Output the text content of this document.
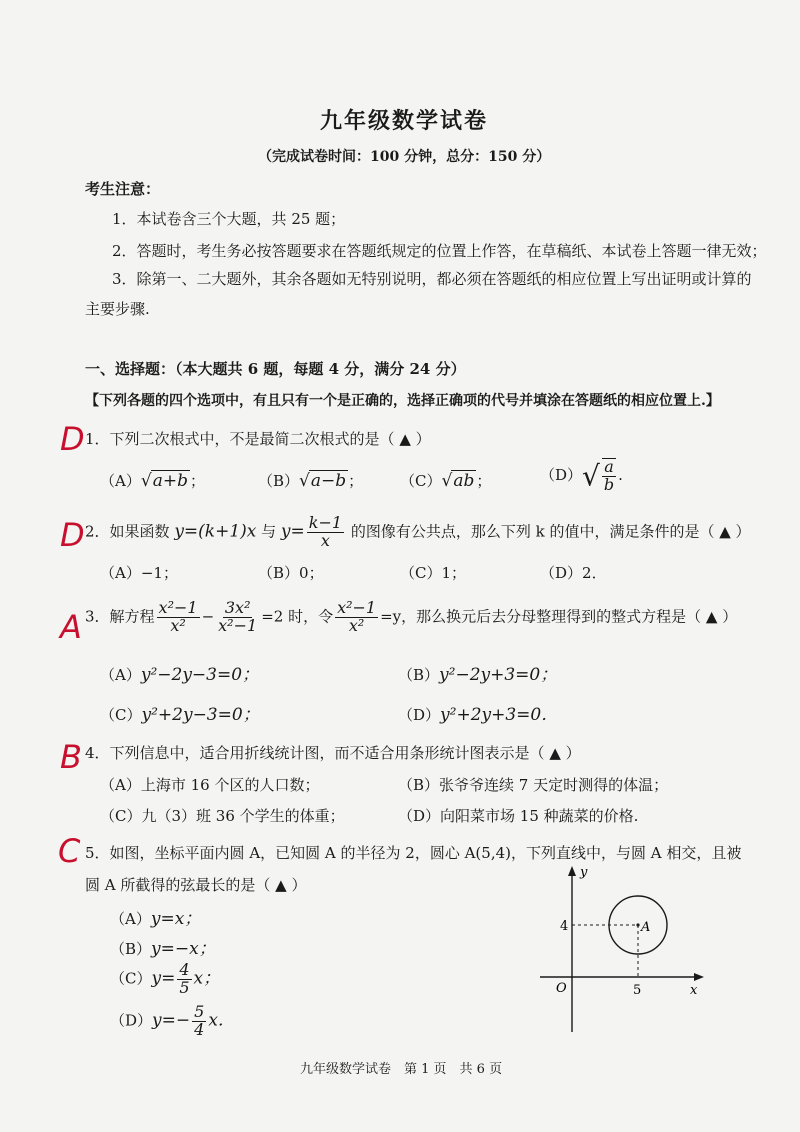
九年级数学试卷
（完成试卷时间：100 分钟，总分：150 分）
考生注意：
1．本试卷含三个大题，共 25 题；
2．答题时，考生务必按答题要求在答题纸规定的位置上作答，在草稿纸、本试卷上答题一律无效；
3．除第一、二大题外，其余各题如无特别说明，都必须在答题纸的相应位置上写出证明或计算的
主要步骤.
一、选择题：（本大题共 6 题，每题 4 分，满分 24 分）
【下列各题的四个选项中，有且只有一个是正确的，选择正确项的代号并填涂在答题纸的相应位置上.】
D 1．下列二次根式中，不是最简二次根式的是（ ▲ ）
（A）√a+b ；	（B）√a−b ； （C）√ab ；	$(D)√ \frac{a}{b}$ .
D 2．如果函数 y=(k+1)x 与 $y= \frac{k-1}{x}$ 的图像有公共点，那么下列 k 的值中，满足条件的是（ ▲ ）
（A）−1；	（B）0；	（C）1；	（D）2．
A 3．解方程 $\frac{\text{x²−1}}{\text{x²}} - \frac{\text{3x²}}{\text{x²−1}} =2$ 时，令 $\frac{\text{x²−1}}{\text{x²}} =y$，那么换元后去分母整理得到的整式方程是（ ▲ ）
（A）y²−2y−3=0；	（B）y²−2y+3=0；
（C）y²+2y−3=0；	（D）y²+2y+3=0．
B 4．下列信息中，适合用折线统计图，而不适合用条形统计图表示是（ ▲ ）
（A）上海市 16 个区的人口数；	（B）张爷爷连续 7 天定时测得的体温；
（C）九（3）班 36 个学生的体重；	（D）向阳菜市场 15 种蔬菜的价格.
C 5．如图，坐标平面内圆 A，已知圆 A 的半径为 2，圆心 A(5,4)，下列直线中，与圆 A 相交，且被
圆 A 所截得的弦最长的是（ ▲ ）
（A）y=x；
（B）y=−x；
$(C)y= \frac{4}{5}$ x；
$(D)y=- \frac{5}{4}$ x．
y
x
O
4
5
A
九年级数学试卷　第 1 页　共 6 页
